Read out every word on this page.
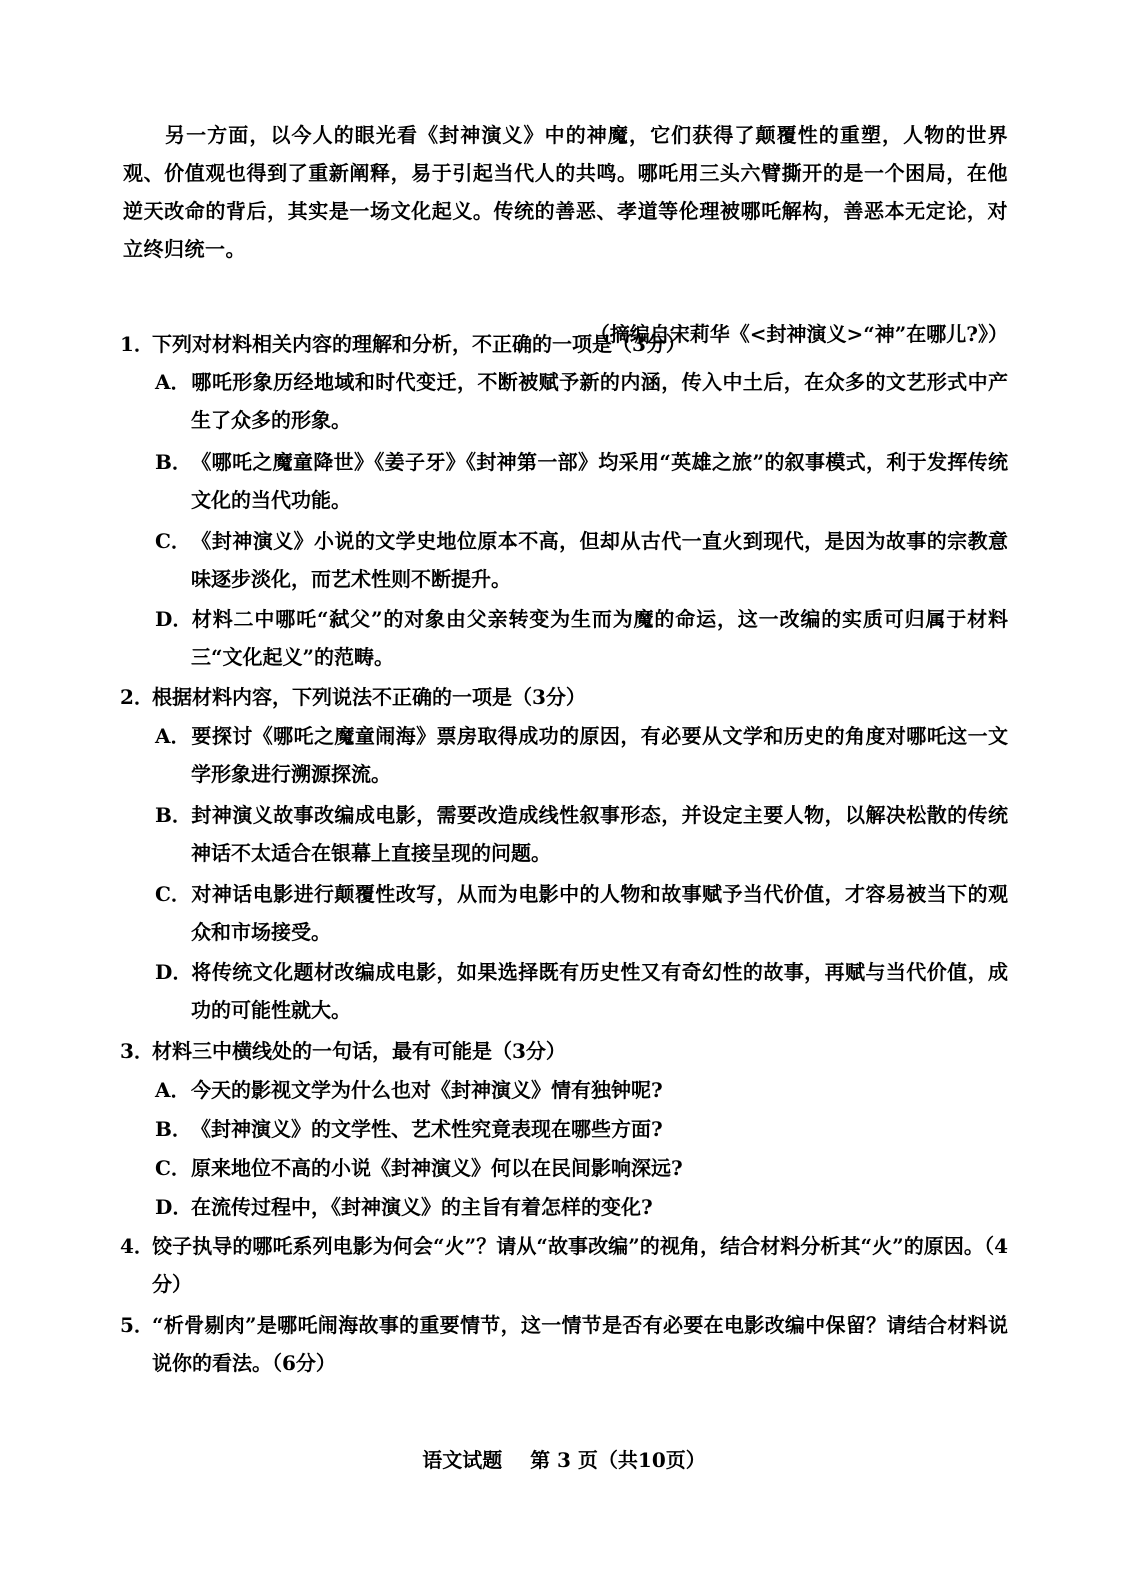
另一方面，以今人的眼光看《封神演义》中的神魔，它们获得了颠覆性的重塑，人物的世界观、价值观也得到了重新阐释，易于引起当代人的共鸣。哪吒用三头六臂撕开的是一个困局，在他逆天改命的背后，其实是一场文化起义。传统的善恶、孝道等伦理被哪吒解构，善恶本无定论，对立终归统一。

（摘编自宋莉华《<封神演义>“神”在哪儿?》）
1．下列对材料相关内容的理解和分析，不正确的一项是（3分）
A．哪吒形象历经地域和时代变迁，不断被赋予新的内涵，传入中土后，在众多的文艺形式中产生了众多的形象。
B．《哪吒之魔童降世》《姜子牙》《封神第一部》均采用“英雄之旅”的叙事模式，利于发挥传统文化的当代功能。
C．《封神演义》小说的文学史地位原本不高，但却从古代一直火到现代，是因为故事的宗教意味逐步淡化，而艺术性则不断提升。
D．材料二中哪吒“弑父”的对象由父亲转变为生而为魔的命运，这一改编的实质可归属于材料三“文化起义”的范畴。
2．根据材料内容，下列说法不正确的一项是（3分）
A．要探讨《哪吒之魔童闹海》票房取得成功的原因，有必要从文学和历史的角度对哪吒这一文学形象进行溯源探流。
B．封神演义故事改编成电影，需要改造成线性叙事形态，并设定主要人物，以解决松散的传统神话不太适合在银幕上直接呈现的问题。
C．对神话电影进行颠覆性改写，从而为电影中的人物和故事赋予当代价值，才容易被当下的观众和市场接受。
D．将传统文化题材改编成电影，如果选择既有历史性又有奇幻性的故事，再赋与当代价值，成功的可能性就大。
3．材料三中横线处的一句话，最有可能是（3分）
A．今天的影视文学为什么也对《封神演义》情有独钟呢?
B．《封神演义》的文学性、艺术性究竟表现在哪些方面?
C．原来地位不高的小说《封神演义》何以在民间影响深远?
D．在流传过程中，《封神演义》的主旨有着怎样的变化?
4．饺子执导的哪吒系列电影为何会“火”？请从“故事改编”的视角，结合材料分析其“火”的原因。（4分）
5．“析骨剔肉”是哪吒闹海故事的重要情节，这一情节是否有必要在电影改编中保留？请结合材料说说你的看法。（6分）
语文试题 第 3 页（共10页）
